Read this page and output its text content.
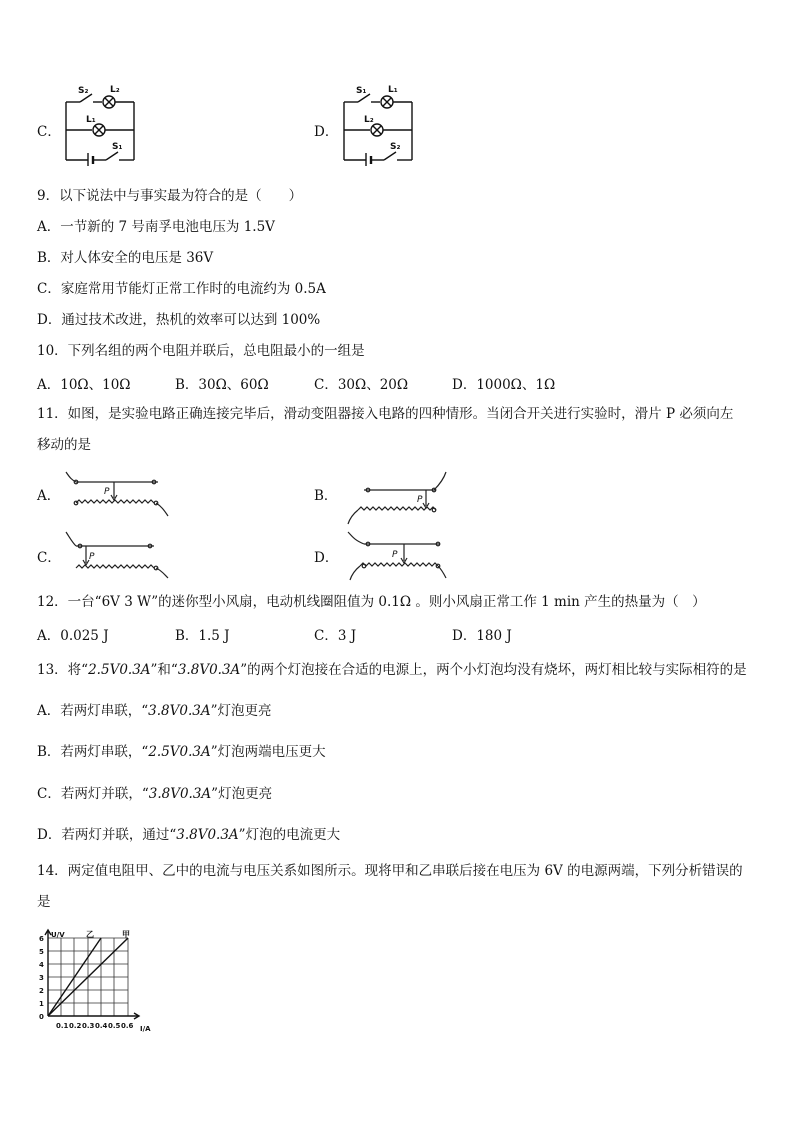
C．
S₂ L₂
L₁
S₁
D．
S₁ L₁
L₂
S₂
9．以下说法中与事实最为符合的是（　　）
A．一节新的 7 号南孚电池电压为 1.5V
B．对人体安全的电压是 36V
C．家庭常用节能灯正常工作时的电流约为 0.5A
D．通过技术改进，热机的效率可以达到 100%
10．下列名组的两个电阻并联后，总电阻最小的一组是
A．10Ω、10Ω	B．30Ω、60Ω	C．30Ω、20Ω	D．1000Ω、1Ω
11．如图，是实验电路正确连接完毕后，滑动变阻器接入电路的四种情形。当闭合开关进行实验时，滑片 P 必须向左
移动的是
A．	P	B．	P
C．	P	D．	P
12．一台“6V 3 W”的迷你型小风扇，电动机线圈阻值为 0.1Ω 。则小风扇正常工作 1 min 产生的热量为（　）
A．0.025 J	B．1.5 J	C．3 J	D．180 J
13．将“2.5V0.3A”和“3.8V0.3A”的两个灯泡接在合适的电源上，两个小灯泡均没有烧坏，两灯相比较与实际相符的是
A．若两灯串联，“3.8V0.3A”灯泡更亮
B．若两灯串联，“2.5V0.3A”灯泡两端电压更大
C．若两灯并联，“3.8V0.3A”灯泡更亮
D．若两灯并联，通过“3.8V0.3A”灯泡的电流更大
14．两定值电阻甲、乙中的电流与电压关系如图所示。现将甲和乙串联后接在电压为 6V 的电源两端，下列分析错误的
是
U/V
I/A
乙	甲
6
5
4
3
2
1
0
0.1 0.2 0.3 0.4 0.5 0.6
